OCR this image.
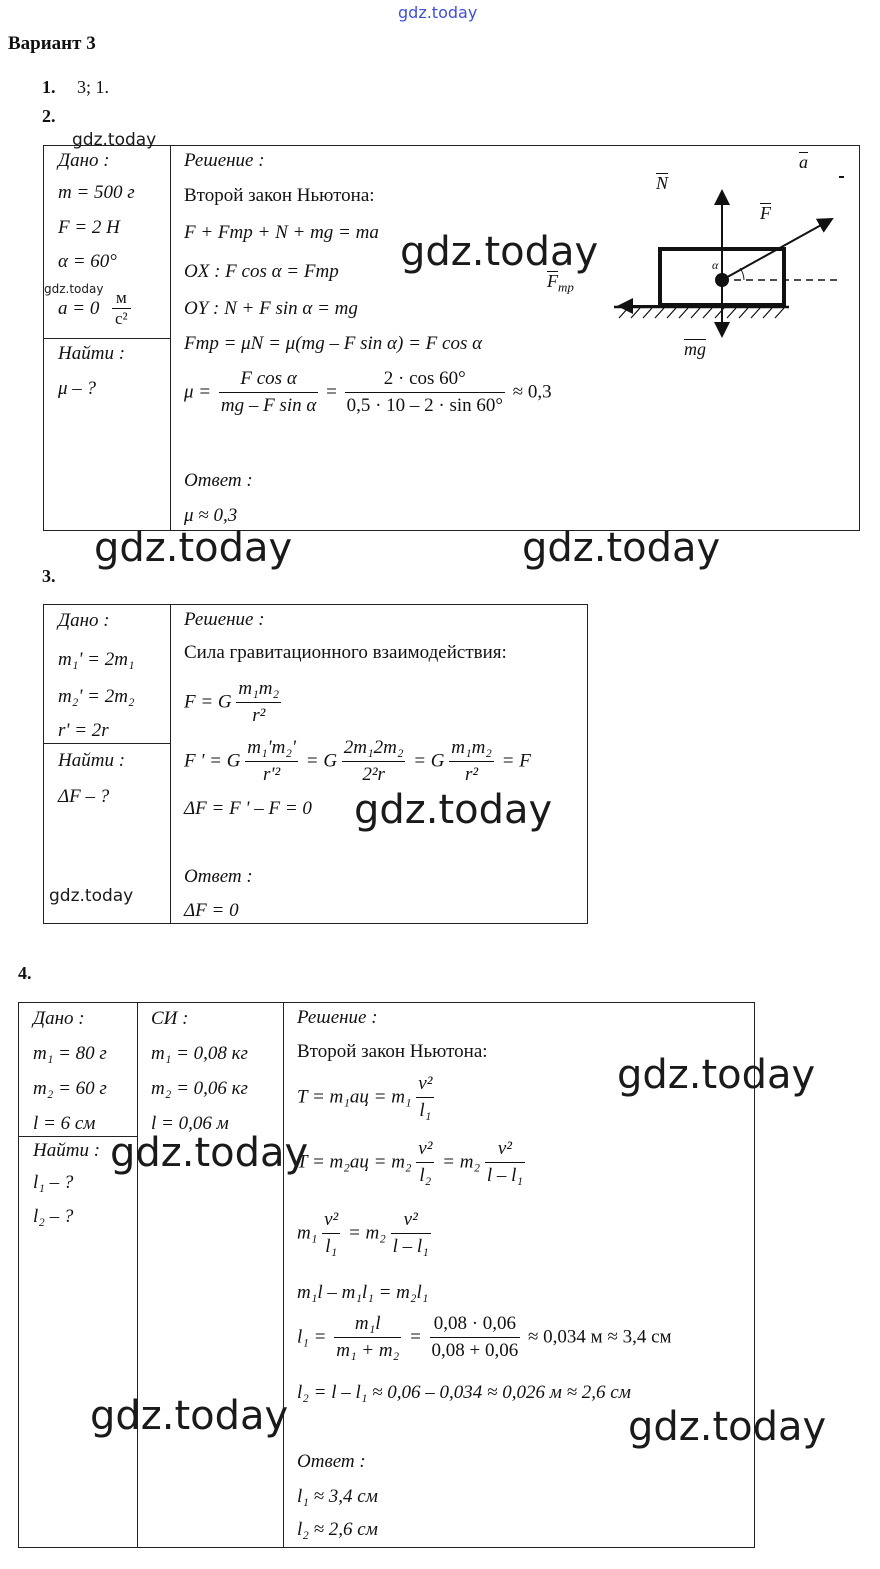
gdz.today
Вариант 3
1. 3; 1.
2.
Дано :
m = 500 г
F = 2 Н
α = 60°
a = 0
м
с²
Найти :
μ – ?
Решение :
Второй закон Ньютона:
F + Fтр + N + mg = ma
OX : F cos α = Fтр
OY : N + F sin α = mg
Fтр = μN = μ(mg – F sin α) = F cos α
$\mu = \frac{\text{F cos α}}{\text{mg – F sin α}} = \frac{2 \cdot \cos 60^\circ}{0,5 \cdot 10 - 2 \cdot \sin 60^\circ} \approx 0,3$
Ответ :
μ ≈ 0,3
N
F
a
$F_{тр}$
mg
α
3.
Дано :
m₁' = 2m₁
m₂' = 2m₂
r' = 2r
Найти :
ΔF – ?
Решение :
Сила гравитационного взаимодействия:
F = G $\frac{\text{m₁m₂}}{\text{r²}}$
F ' = G $\frac{\text{m₁'m₂'}}{\text{r'²}} = G \frac{\text{2m₁2m₂}}{\text{2²r}} = G \frac{\text{m₁m₂}}{\text{r²}} = F$
ΔF = F ' – F = 0
Ответ :
ΔF = 0
4.
Дано :
m₁ = 80 г
m₂ = 60 г
l = 6 см
Найти :
l₁ – ?
l₂ – ?
СИ :
m₁ = 0,08 кг
m₂ = 0,06 кг
l = 0,06 м
Решение :
Второй закон Ньютона:
$T = m_1aц = m_1 \frac{\text{v²}}{\text{l₁}}$
$T = m_2aц = m_2 \frac{\text{v²}}{\text{l₂}} = m_2 \frac{\text{v²}}{\text{l – l₁}}$
$m_1 \frac{\text{v²}}{\text{l₁}} = m_2 \frac{\text{v²}}{\text{l – l₁}}$
m₁l – m₁l₁ = m₂l₁
$l_1 = \frac{\text{m₁l}}{\text{m₁ + m₂}} = \frac{0,08 \cdot 0,06}{0,08 + 0,06} \approx 0,034$ м ≈ 3,4 см
l₂ = l – l₁ ≈ 0,06 – 0,034 ≈ 0,026 м ≈ 2,6 см
Ответ :
l₁ ≈ 3,4 см
l₂ ≈ 2,6 см
gdz.today
gdz.today
gdz.today
gdz.today	gdz.today
gdz.today
gdz.today
gdz.today
gdz.today
gdz.today	gdz.today
